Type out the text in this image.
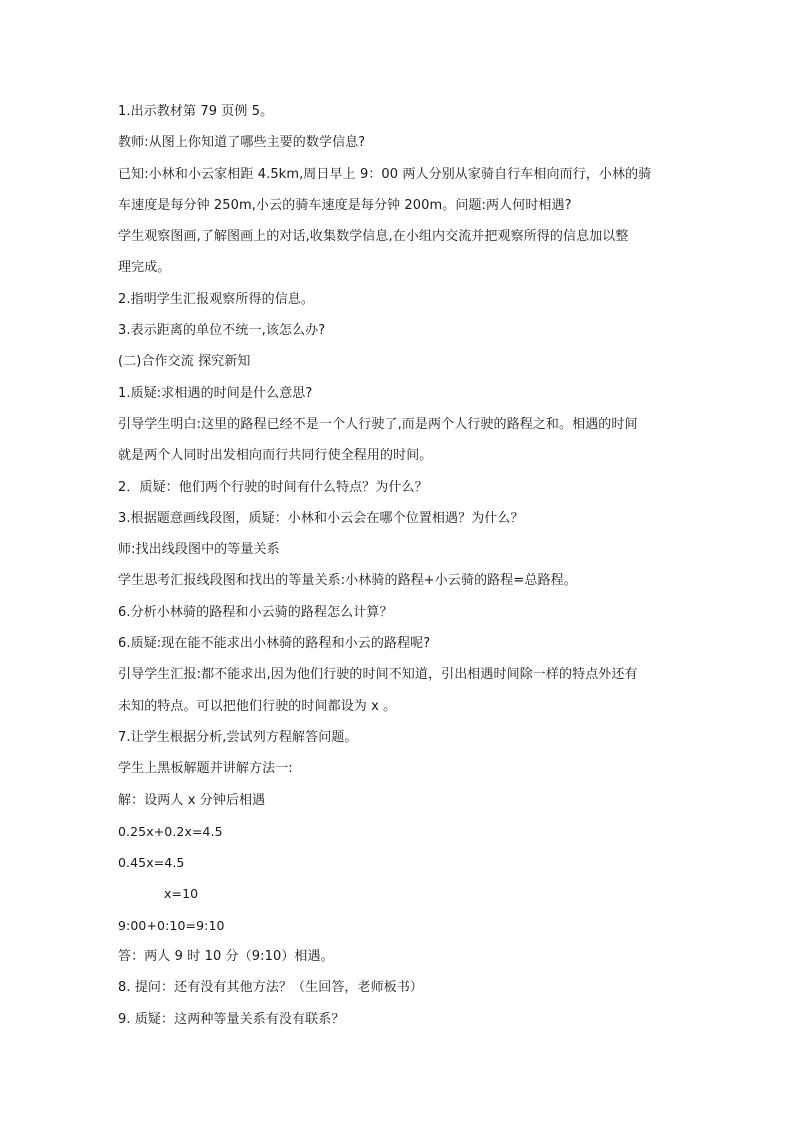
1.出示教材第 79 页例 5。
教师:从图上你知道了哪些主要的数学信息?
已知:小林和小云家相距 4.5km,周日早上 9：00 两人分别从家骑自行车相向而行，小林的骑
车速度是每分钟 250m,小云的骑车速度是每分钟 200m。问题:两人何时相遇?
学生观察图画,了解图画上的对话,收集数学信息,在小组内交流并把观察所得的信息加以整
理完成。
2.指明学生汇报观察所得的信息。
3.表示距离的单位不统一,该怎么办?
(二)合作交流 探究新知
1.质疑:求相遇的时间是什么意思?
引导学生明白:这里的路程已经不是一个人行驶了,而是两个人行驶的路程之和。相遇的时间
就是两个人同时出发相向而行共同行使全程用的时间。
2．质疑：他们两个行驶的时间有什么特点？为什么？
3.根据题意画线段图，质疑：小林和小云会在哪个位置相遇？为什么？
师:找出线段图中的等量关系
学生思考汇报线段图和找出的等量关系:小林骑的路程+小云骑的路程=总路程。
6.分析小林骑的路程和小云骑的路程怎么计算？
6.质疑:现在能不能求出小林骑的路程和小云的路程呢?
引导学生汇报:都不能求出,因为他们行驶的时间不知道，引出相遇时间除一样的特点外还有
未知的特点。可以把他们行驶的时间都设为 x 。
7.让学生根据分析,尝试列方程解答问题。
学生上黑板解题并讲解方法一:
解：设两人 x 分钟后相遇
0.25x+0.2x=4.5
0.45x=4.5
x=10
9:00+0:10=9:10
答：两人 9 时 10 分（9:10）相遇。
8. 提问：还有没有其他方法？（生回答，老师板书）
9. 质疑：这两种等量关系有没有联系？
